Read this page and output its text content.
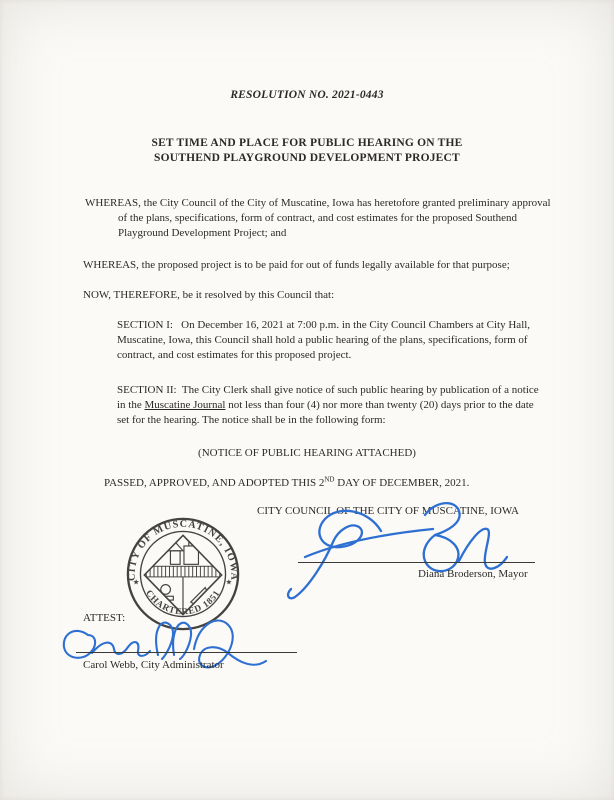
RESOLUTION NO. 2021-0443
SET TIME AND PLACE FOR PUBLIC HEARING ON THE
SOUTHEND PLAYGROUND DEVELOPMENT PROJECT
WHEREAS, the City Council of the City of Muscatine, Iowa has heretofore granted preliminary approval of the plans, specifications, form of contract, and cost estimates for the proposed Southend Playground Development Project; and
WHEREAS, the proposed project is to be paid for out of funds legally available for that purpose;
NOW, THEREFORE, be it resolved by this Council that:
SECTION I:   On December 16, 2021 at 7:00 p.m. in the City Council Chambers at City Hall, Muscatine, Iowa, this Council shall hold a public hearing of the plans, specifications, form of contract, and cost estimates for this proposed project.
SECTION II:  The City Clerk shall give notice of such public hearing by publication of a notice in the Muscatine Journal not less than four (4) nor more than twenty (20) days prior to the date set for the hearing. The notice shall be in the following form:
(NOTICE OF PUBLIC HEARING ATTACHED)
PASSED, APPROVED, AND ADOPTED THIS 2ND DAY OF DECEMBER, 2021.
CITY COUNCIL OF THE CITY OF MUSCATINE, IOWA
CITY OF MUSCATINE, IOWA
CHARTERED 1851
★	★
Diana Broderson, Mayor
ATTEST:
Carol Webb, City Administrator
